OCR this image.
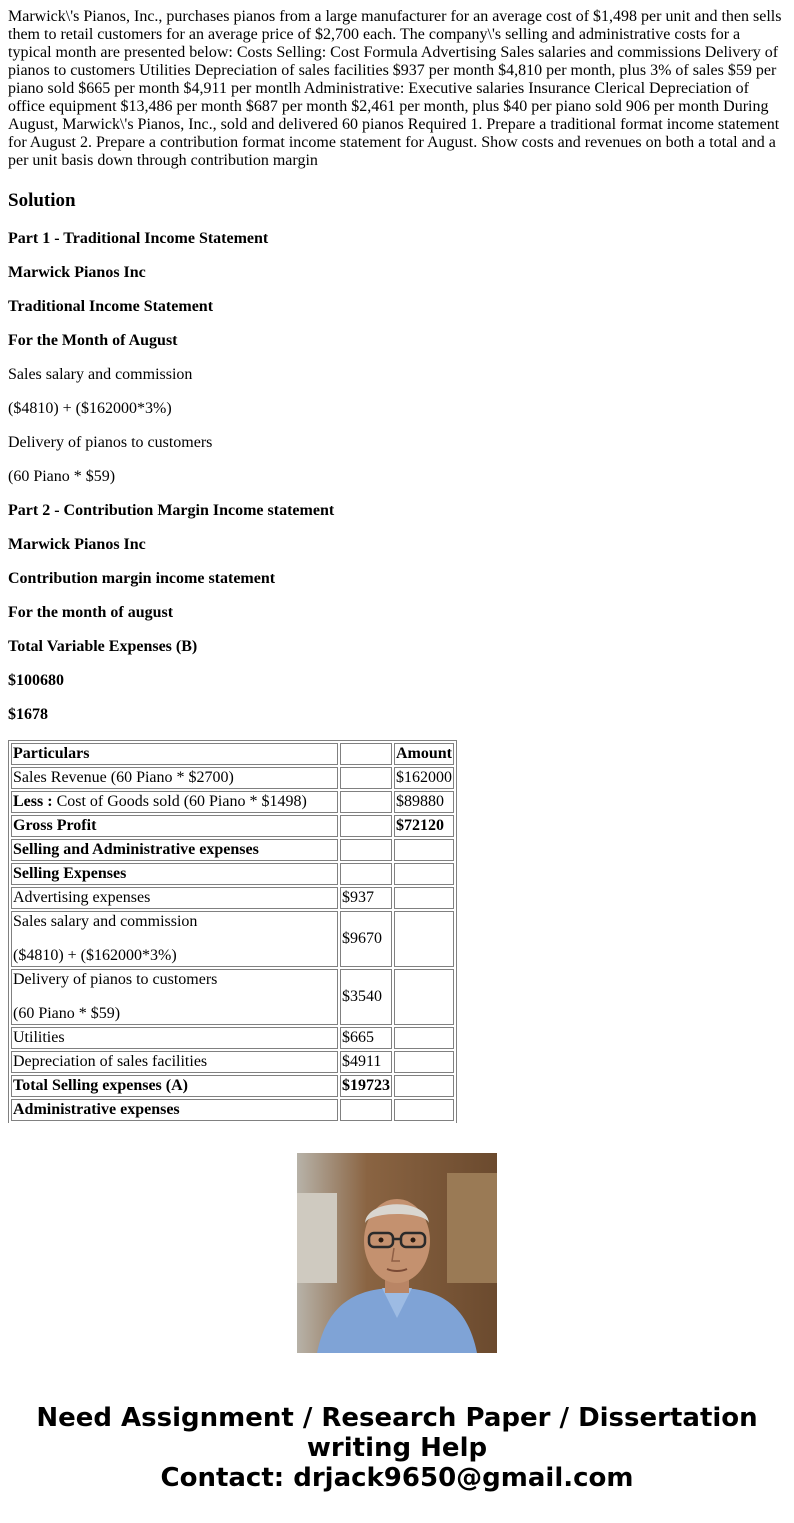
Marwick\'s Pianos, Inc., purchases pianos from a large manufacturer for an average cost of $1,498 per unit and then sells them to retail customers for an average price of $2,700 each. The company\'s selling and administrative costs for a typical month are presented below: Costs Selling: Cost Formula Advertising Sales salaries and commissions Delivery of pianos to customers Utilities Depreciation of sales facilities $937 per month $4,810 per month, plus 3% of sales $59 per piano sold $665 per month $4,911 per montlh Administrative: Executive salaries Insurance Clerical Depreciation of office equipment $13,486 per month $687 per month $2,461 per month, plus $40 per piano sold 906 per month During August, Marwick\'s Pianos, Inc., sold and delivered 60 pianos Required 1. Prepare a traditional format income statement for August 2. Prepare a contribution format income statement for August. Show costs and revenues on both a total and a per unit basis down through contribution margin
Solution

Part 1 - Traditional Income Statement

Marwick Pianos Inc

Traditional Income Statement

For the Month of August

Sales salary and commission

($4810) + ($162000*3%)

Delivery of pianos to customers

(60 Piano * $59)

Part 2 - Contribution Margin Income statement

Marwick Pianos Inc

Contribution margin income statement

For the month of august

Total Variable Expenses (B)

$100680

$1678

Particulars		Amount
Sales Revenue (60 Piano * $2700)		$162000
Less : Cost of Goods sold (60 Piano * $1498)		$89880
Gross Profit		$72120
Selling and Administrative expenses		
Selling Expenses		
Advertising expenses	$937	

Sales salary and commission
($4810) + ($162000*3%)	$9670	

Delivery of pianos to customers
(60 Piano * $59)	$3540	
Utilities	$665	
Depreciation of sales facilities	$4911	
Total Selling expenses (A)	$19723	
Administrative expenses		

Need Assignment / Research Paper / Dissertation
writing Help
Contact: drjack9650@gmail.com
